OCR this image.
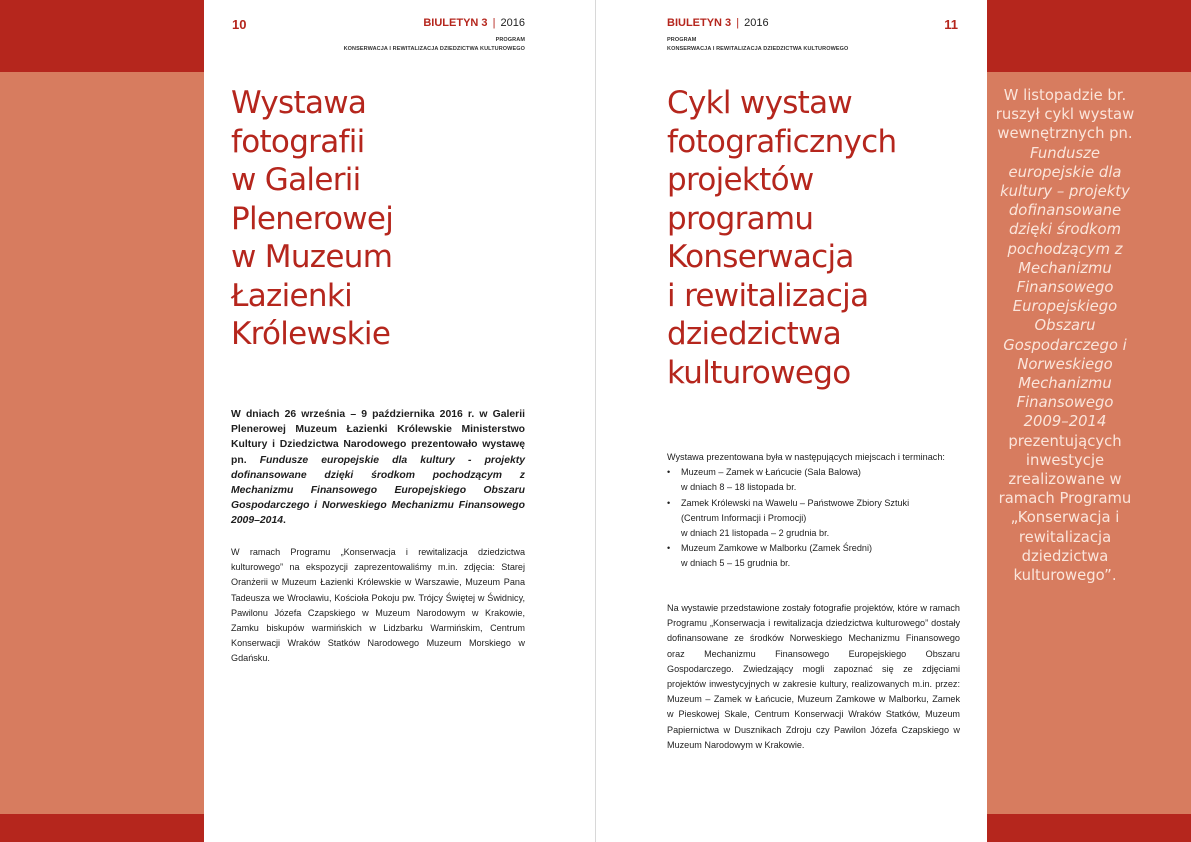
10	BIULETYN 3 | 2016
PROGRAM
KONSERWACJA I REWITALIZACJA DZIEDZICTWA KULTUROWEGO
Wystawa
fotografii
w Galerii
Plenerowej
w Muzeum
Łazienki
Królewskie
W dniach 26 września – 9 października 2016 r. w Galerii Plenerowej Muzeum Łazienki Królewskie Ministerstwo Kultury i Dziedzictwa Narodowego prezentowało wystawę pn. Fundusze europejskie dla kultury - projekty dofinansowane dzięki środkom pochodzącym z Mechanizmu Finansowego Europejskiego Obszaru Gospodarczego i Norweskiego Mechanizmu Finansowego 2009–2014.

W ramach Programu „Konserwacja i rewitalizacja dziedzictwa kulturowego” na ekspozycji zaprezentowaliśmy m.in. zdjęcia: Starej Oranżerii w Muzeum Łazienki Królewskie w Warszawie, Muzeum Pana Tadeusza we Wrocławiu, Kościoła Pokoju pw. Trójcy Świętej w Świdnicy, Pawilonu Józefa Czapskiego w Muzeum Narodowym w Krakowie, Zamku biskupów warmińskich w Lidzbarku Warmińskim, Centrum Konserwacji Wraków Statków Narodowego Muzeum Morskiego w Gdańsku.

BIULETYN 3 | 2016	11
PROGRAM
KONSERWACJA I REWITALIZACJA DZIEDZICTWA KULTUROWEGO
Cykl wystaw
fotograficznych
projektów
programu
Konserwacja
i rewitalizacja
dziedzictwa
kulturowego

Wystawa prezentowana była w następujących miejscach i terminach:

• Muzeum – Zamek w Łańcucie (Sala Balowa)
w dniach 8 – 18 listopada br.
• Zamek Królewski na Wawelu – Państwowe Zbiory Sztuki
(Centrum Informacji i Promocji)
w dniach 21 listopada – 2 grudnia br.
• Muzeum Zamkowe w Malborku (Zamek Średni)
w dniach 5 – 15 grudnia br.

Na wystawie przedstawione zostały fotografie projektów, które w ramach Programu „Konserwacja i rewitalizacja dziedzictwa kulturowego” dostały dofinansowane ze środków Norweskiego Mechanizmu Finansowego oraz Mechanizmu Finansowego Europejskiego Obszaru Gospodarczego. Zwiedzający mogli zapoznać się ze zdjęciami projektów inwestycyjnych w zakresie kultury, realizowanych m.in. przez: Muzeum – Zamek w Łańcucie, Muzeum Zamkowe w Malborku, Zamek w Pieskowej Skale, Centrum Konserwacji Wraków Statków, Muzeum Papiernictwa w Dusznikach Zdroju czy Pawilon Józefa Czapskiego w Muzeum Narodowym w Krakowie.

W listopadzie br. ruszył cykl wystaw wewnętrznych pn. Fundusze europejskie dla kultury – projekty dofinansowane dzięki środkom pochodzącym z Mechanizmu Finansowego Europejskiego Obszaru Gospodarczego i Norweskiego Mechanizmu Finansowego 2009–2014 prezentujących inwestycje zrealizowane w ramach Programu „Konserwacja i rewitalizacja dziedzictwa kulturowego”.
